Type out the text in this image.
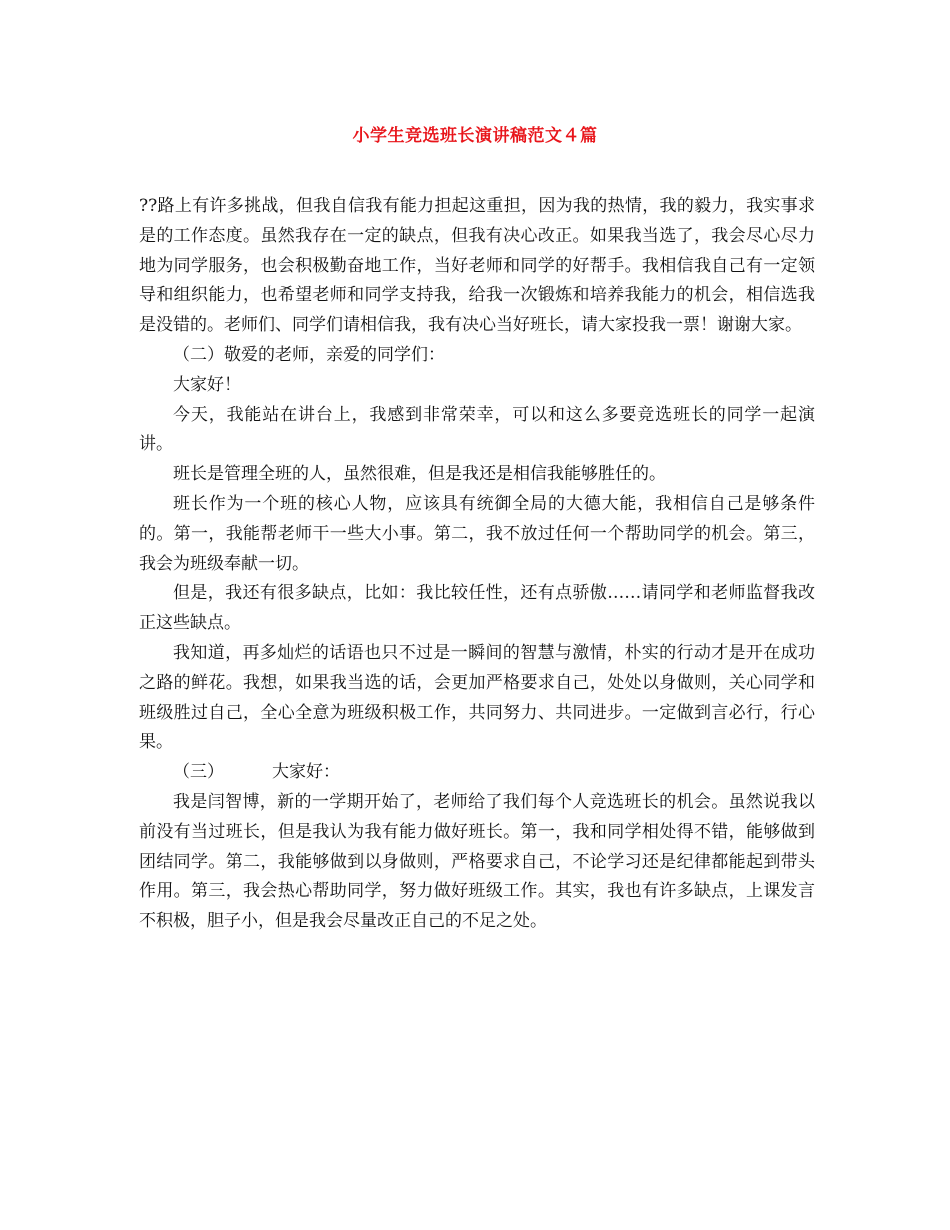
小学生竞选班长演讲稿范文４篇

??路上有许多挑战，但我自信我有能力担起这重担，因为我的热情，我的毅力，我实事求是的工作态度。虽然我存在一定的缺点，但我有决心改正。如果我当选了，我会尽心尽力地为同学服务，也会积极勤奋地工作，当好老师和同学的好帮手。我相信我自己有一定领导和组织能力，也希望老师和同学支持我，给我一次锻炼和培养我能力的机会，相信选我是没错的。老师们、同学们请相信我，我有决心当好班长，请大家投我一票！谢谢大家。

（二）敬爱的老师，亲爱的同学们：

大家好！

今天，我能站在讲台上，我感到非常荣幸，可以和这么多要竞选班长的同学一起演讲。

班长是管理全班的人，虽然很难，但是我还是相信我能够胜任的。

班长作为一个班的核心人物，应该具有统御全局的大德大能，我相信自己是够条件的。第一，我能帮老师干一些大小事。第二，我不放过任何一个帮助同学的机会。第三，我会为班级奉献一切。

但是，我还有很多缺点，比如：我比较任性，还有点骄傲……请同学和老师监督我改正这些缺点。

我知道，再多灿烂的话语也只不过是一瞬间的智慧与激情，朴实的行动才是开在成功之路的鲜花。我想，如果我当选的话，会更加严格要求自己，处处以身做则，关心同学和班级胜过自己，全心全意为班级积极工作，共同努力、共同进步。一定做到言必行，行心果。

（三）	大家好：

我是闫智博，新的一学期开始了，老师给了我们每个人竞选班长的机会。虽然说我以前没有当过班长，但是我认为我有能力做好班长。第一，我和同学相处得不错，能够做到团结同学。第二，我能够做到以身做则，严格要求自己，不论学习还是纪律都能起到带头作用。第三，我会热心帮助同学，努力做好班级工作。其实，我也有许多缺点，上课发言不积极，胆子小，但是我会尽量改正自己的不足之处。
